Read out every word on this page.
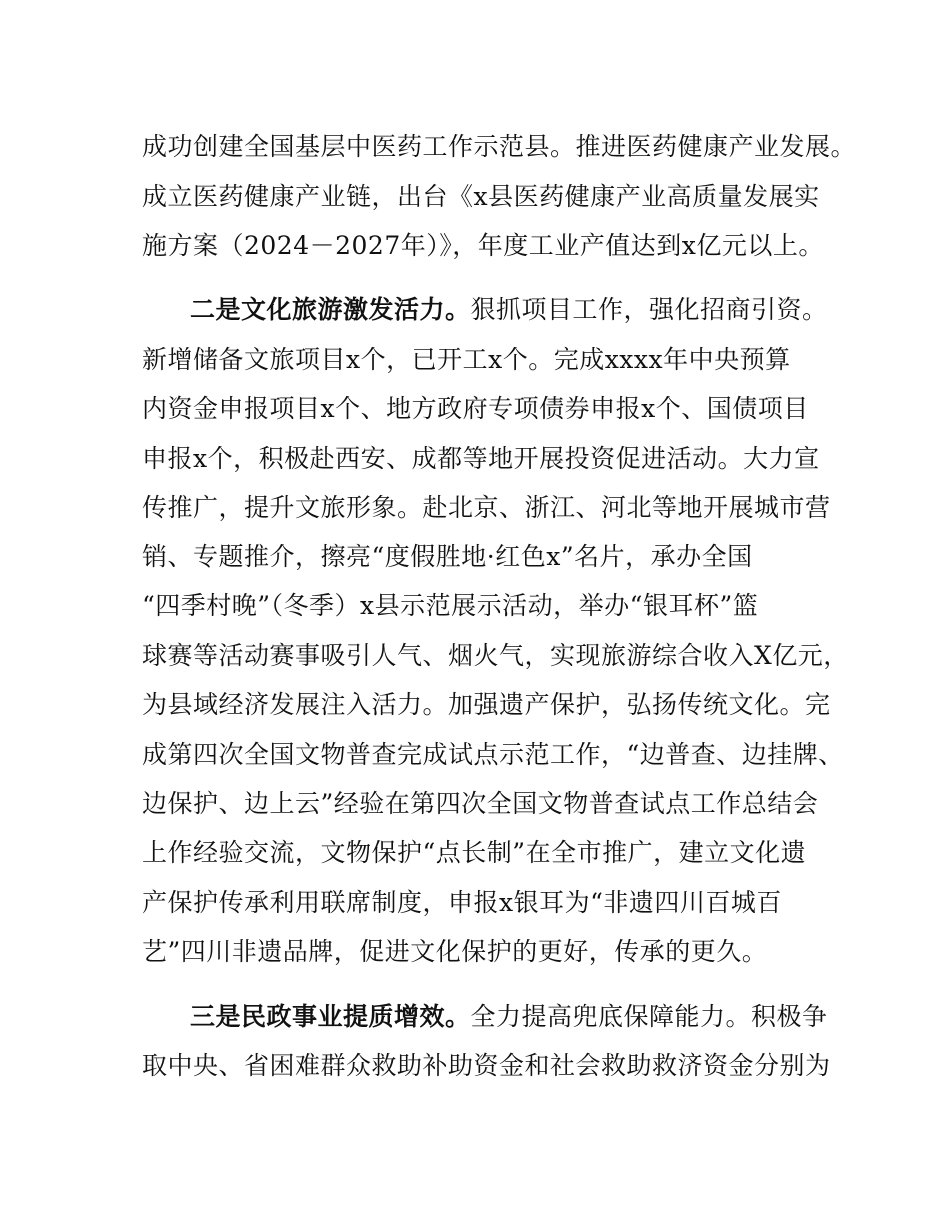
成功创建全国基层中医药工作示范县。推进医药健康产业发展。
成立医药健康产业链，出台《x县医药健康产业高质量发展实
施方案（2024－2027年）》，年度工业产值达到x亿元以上。
二是文化旅游激发活力。狠抓项目工作，强化招商引资。
新增储备文旅项目x个，已开工x个。完成xxxx年中央预算
内资金申报项目x个、地方政府专项债券申报x个、国债项目
申报x个，积极赴西安、成都等地开展投资促进活动。大力宣
传推广，提升文旅形象。赴北京、浙江、河北等地开展城市营
销、专题推介，擦亮“度假胜地·红色x”名片，承办全国
“四季村晚”（冬季）x县示范展示活动，举办“银耳杯”篮
球赛等活动赛事吸引人气、烟火气，实现旅游综合收入X亿元，
为县域经济发展注入活力。加强遗产保护，弘扬传统文化。完
成第四次全国文物普查完成试点示范工作，“边普查、边挂牌、
边保护、边上云”经验在第四次全国文物普查试点工作总结会
上作经验交流，文物保护“点长制”在全市推广，建立文化遗
产保护传承利用联席制度，申报x银耳为“非遗四川百城百
艺”四川非遗品牌，促进文化保护的更好，传承的更久。
三是民政事业提质增效。全力提高兜底保障能力。积极争
取中央、省困难群众救助补助资金和社会救助救济资金分别为
